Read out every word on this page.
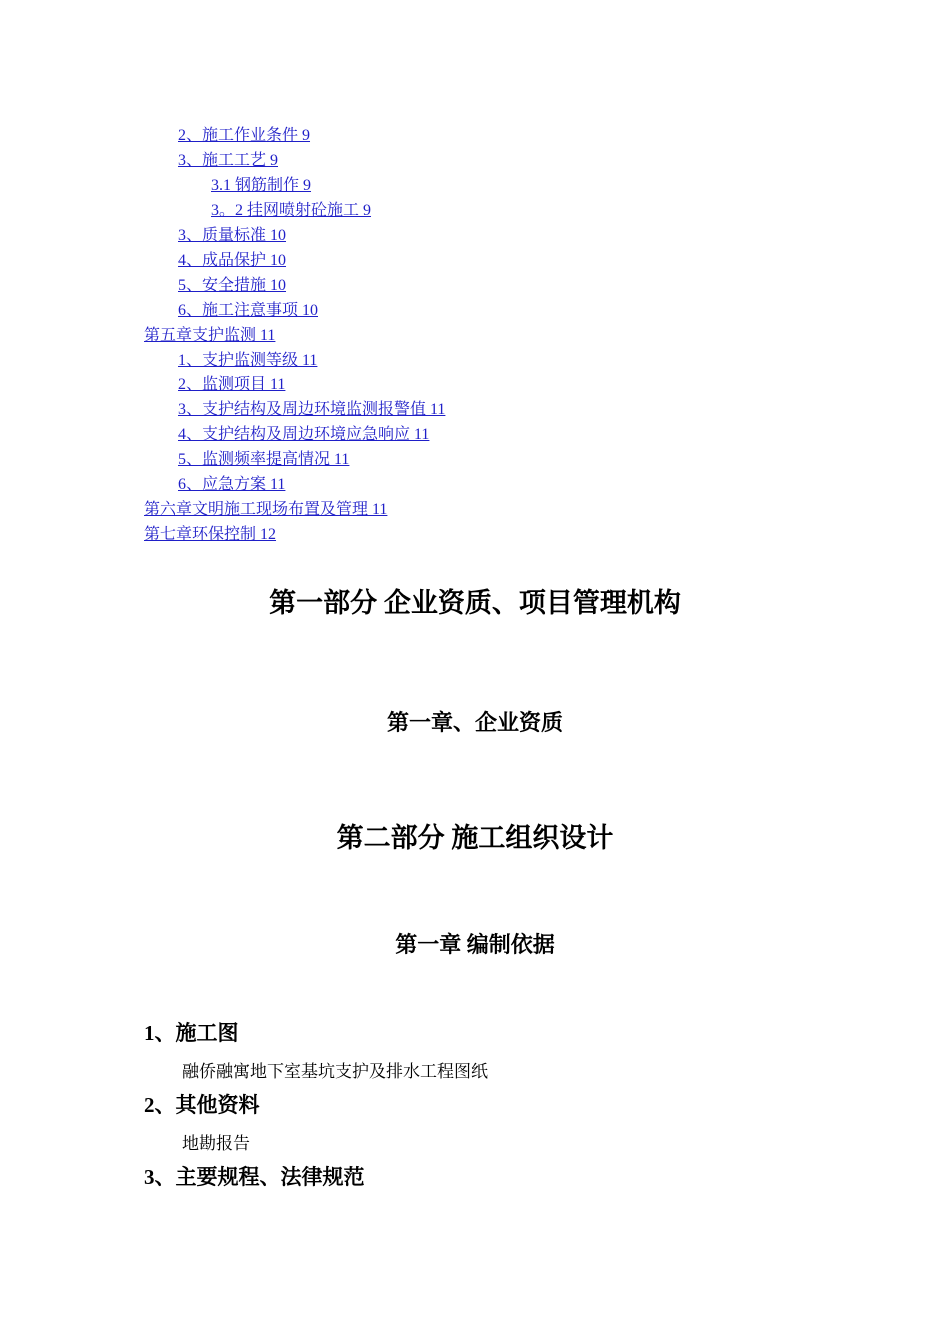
2、施工作业条件 9
3、施工工艺 9
3.1 钢筋制作 9
3。2 挂网喷射砼施工 9
3、质量标准 10
4、成品保护 10
5、安全措施 10
6、施工注意事项 10
第五章支护监测 11
1、支护监测等级 11
2、监测项目 11
3、支护结构及周边环境监测报警值 11
4、支护结构及周边环境应急响应 11
5、监测频率提高情况 11
6、应急方案 11
第六章文明施工现场布置及管理 11
第七章环保控制 12
第一部分 企业资质、项目管理机构
第一章、企业资质
第二部分 施工组织设计
第一章 编制依据
1、施工图
融侨融寓地下室基坑支护及排水工程图纸
2、其他资料
地勘报告
3、主要规程、法律规范
